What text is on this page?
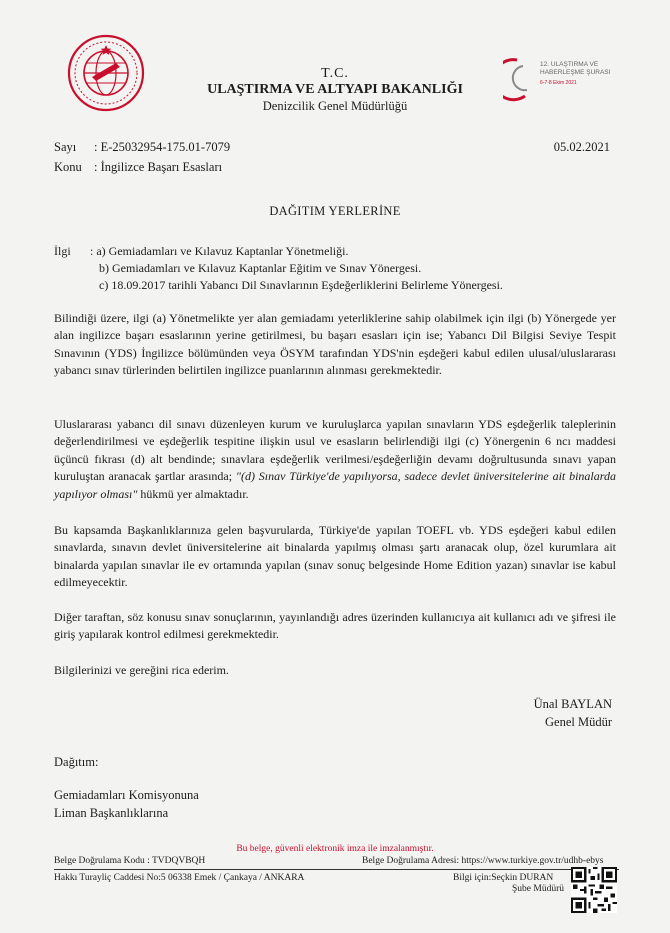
T.C.
ULAŞTIRMA VE ALTYAPI BAKANLIĞI
Denizcilik Genel Müdürlüğü
12. ULAŞTIRMA VE
HABERLEŞME ŞURASI
6-7-8 Ekim 2021
Sayı : E-25032954-175.01-7079	05.02.2021
Konu : İngilizce Başarı Esasları
DAĞITIM YERLERİNE
İlgi : a) Gemiadamları ve Kılavuz Kaptanlar Yönetmeliği.
b) Gemiadamları ve Kılavuz Kaptanlar Eğitim ve Sınav Yönergesi.
c) 18.09.2017 tarihli Yabancı Dil Sınavlarının Eşdeğerliklerini Belirleme Yönergesi.
Bilindiği üzere, ilgi (a) Yönetmelikte yer alan gemiadamı yeterliklerine sahip olabilmek için ilgi (b) Yönergede yer alan ingilizce başarı esaslarının yerine getirilmesi, bu başarı esasları için ise; Yabancı Dil Bilgisi Seviye Tespit Sınavının (YDS) İngilizce bölümünden veya ÖSYM tarafından YDS'nin eşdeğeri kabul edilen ulusal/uluslararası yabancı sınav türlerinden belirtilen ingilizce puanlarının alınması gerekmektedir.
Uluslararası yabancı dil sınavı düzenleyen kurum ve kuruluşlarca yapılan sınavların YDS eşdeğerlik taleplerinin değerlendirilmesi ve eşdeğerlik tespitine ilişkin usul ve esasların belirlendiği ilgi (c) Yönergenin 6 ncı maddesi üçüncü fıkrası (d) alt bendinde; sınavlara eşdeğerlik verilmesi/eşdeğerliğin devamı doğrultusunda sınavı yapan kuruluştan aranacak şartlar arasında; "(d) Sınav Türkiye'de yapılıyorsa, sadece devlet üniversitelerine ait binalarda yapılıyor olması" hükmü yer almaktadır.
Bu kapsamda Başkanlıklarınıza gelen başvurularda, Türkiye'de yapılan TOEFL vb. YDS eşdeğeri kabul edilen sınavlarda, sınavın devlet üniversitelerine ait binalarda yapılmış olması şartı aranacak olup, özel kurumlara ait binalarda yapılan sınavlar ile ev ortamında yapılan (sınav sonuç belgesinde Home Edition yazan) sınavlar ise kabul edilmeyecektir.
Diğer taraftan, söz konusu sınav sonuçlarının, yayınlandığı adres üzerinden kullanıcıya ait kullanıcı adı ve şifresi ile giriş yapılarak kontrol edilmesi gerekmektedir.
Bilgilerinizi ve gereğini rica ederim.
Ünal BAYLAN
Genel Müdür
Dağıtım:
Gemiadamları Komisyonuna
Liman Başkanlıklarına
Bu belge, güvenli elektronik imza ile imzalanmıştır.
Belge Doğrulama Kodu : TVDQVBQH	Belge Doğrulama Adresi: https://www.turkiye.gov.tr/udhb-ebys
Hakkı Turayliç Caddesi No:5 06338 Emek / Çankaya / ANKARA	Bilgi için:Seçkin DURAN
Şube Müdürü
